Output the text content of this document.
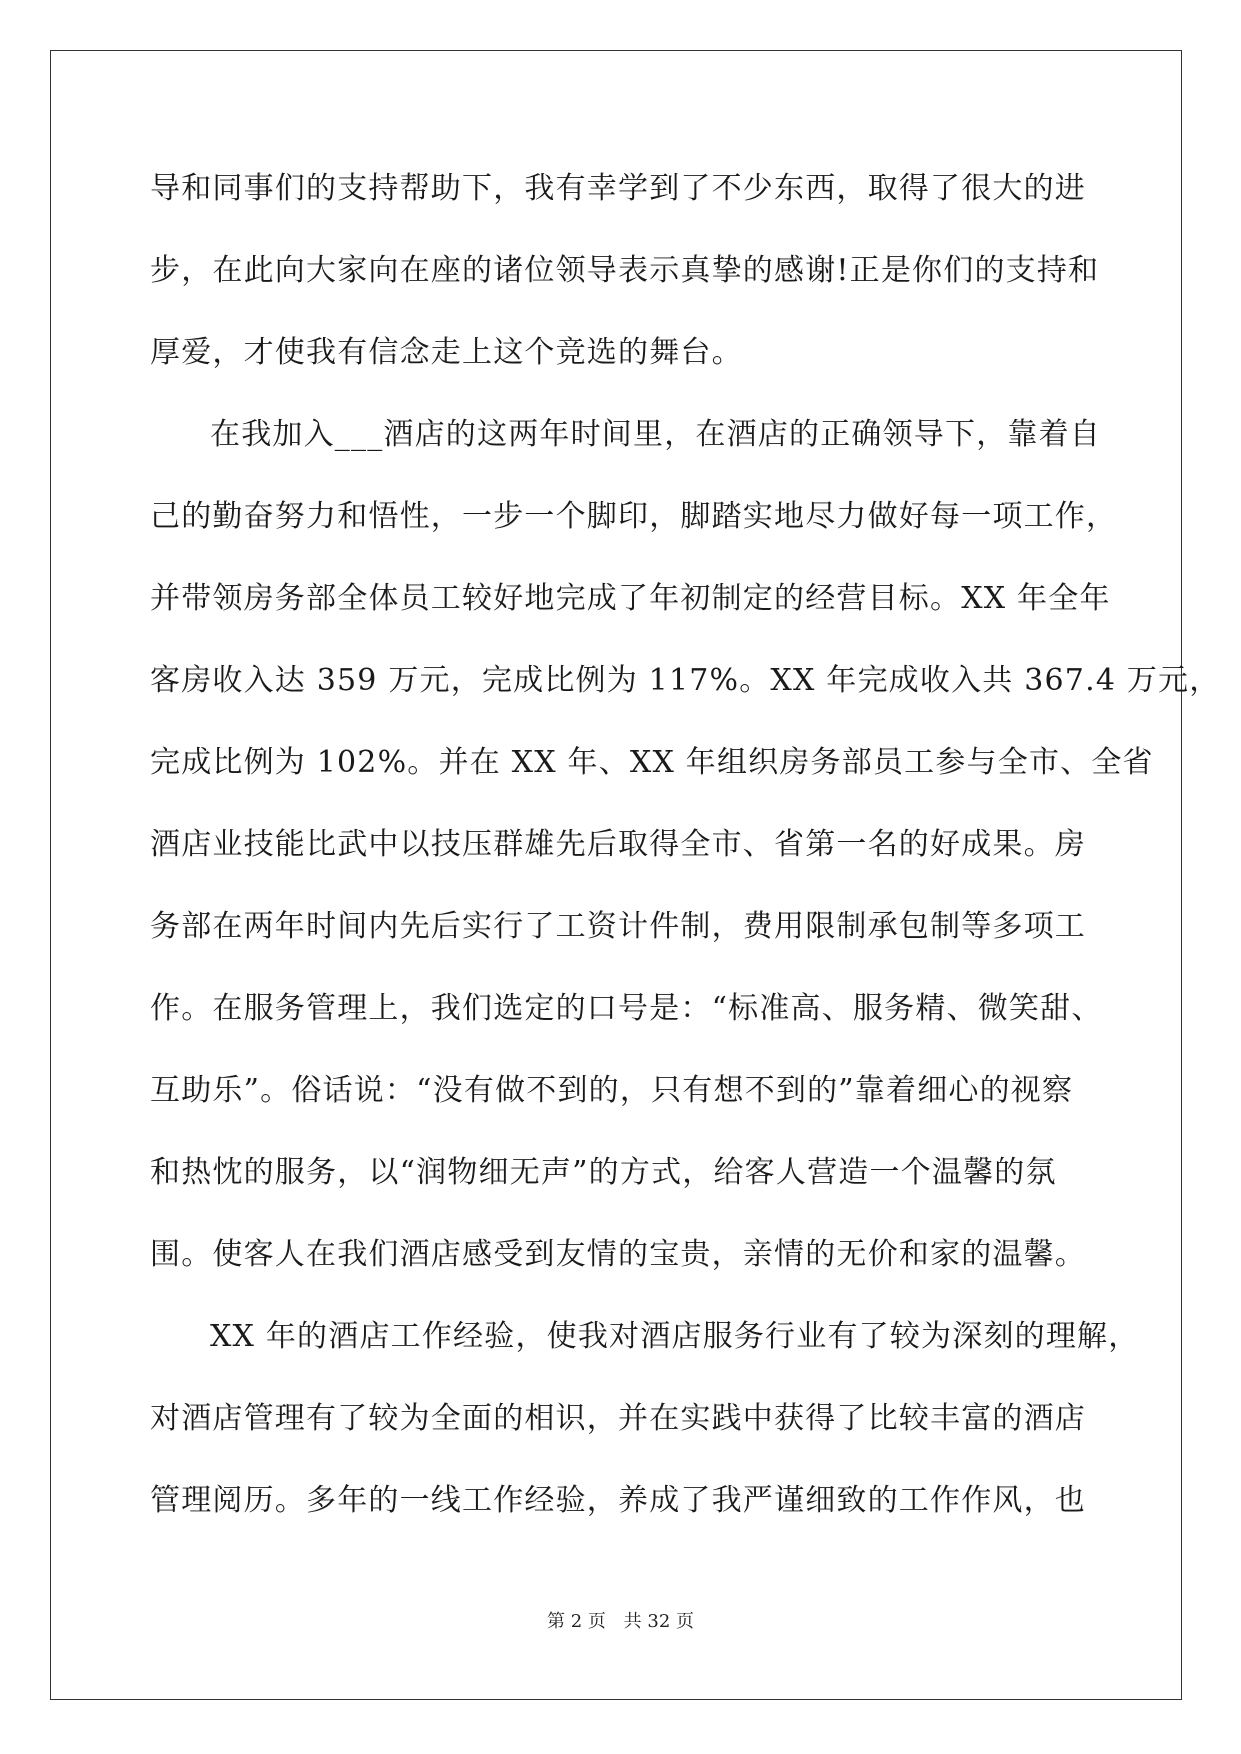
导和同事们的支持帮助下，我有幸学到了不少东西，取得了很大的进
步，在此向大家向在座的诸位领导表示真挚的感谢!正是你们的支持和
厚爱，才使我有信念走上这个竞选的舞台。
在我加入___酒店的这两年时间里，在酒店的正确领导下，靠着自
己的勤奋努力和悟性，一步一个脚印，脚踏实地尽力做好每一项工作，
并带领房务部全体员工较好地完成了年初制定的经营目标。XX 年全年
客房收入达 359 万元，完成比例为 117%。XX 年完成收入共 367.4 万元，
完成比例为 102%。并在 XX 年、XX 年组织房务部员工参与全市、全省
酒店业技能比武中以技压群雄先后取得全市、省第一名的好成果。房
务部在两年时间内先后实行了工资计件制，费用限制承包制等多项工
作。在服务管理上，我们选定的口号是：“标准高、服务精、微笑甜、
互助乐”。俗话说：“没有做不到的，只有想不到的”靠着细心的视察
和热忱的服务，以“润物细无声”的方式，给客人营造一个温馨的氛
围。使客人在我们酒店感受到友情的宝贵，亲情的无价和家的温馨。
XX 年的酒店工作经验，使我对酒店服务行业有了较为深刻的理解，
对酒店管理有了较为全面的相识，并在实践中获得了比较丰富的酒店
管理阅历。多年的一线工作经验，养成了我严谨细致的工作作风，也
第 2 页 共 32 页
